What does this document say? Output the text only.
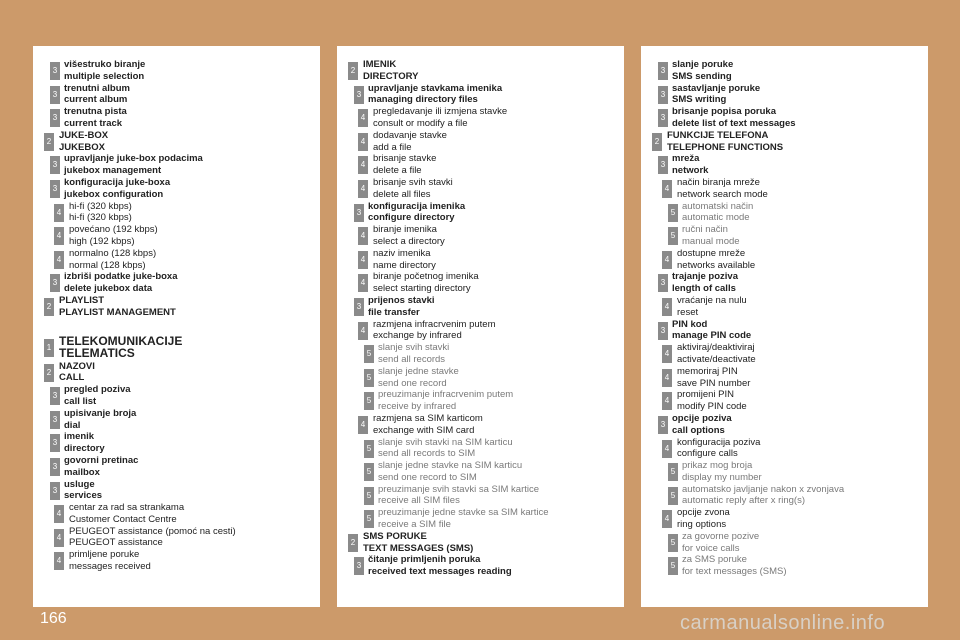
3
višestruko biranje
multiple selection
3
trenutni album
current album
3
trenutna pista
current track
2
JUKE-BOX
JUKEBOX
3
upravljanje juke-box podacima
jukebox management
3
konfiguracija juke-boxa
jukebox configuration
4
hi-fi (320 kbps)
hi-fi (320 kbps)
4
povećano (192 kbps)
high (192 kbps)
4
normalno (128 kbps)
normal (128 kbps)
3
izbriši podatke juke-boxa
delete jukebox data
2
PLAYLIST
PLAYLIST MANAGEMENT
1 TELEKOMUNIKACIJE
TELEMATICS
2
NAZOVI
CALL
3
pregled poziva
call list
3
upisivanje broja
dial
3
imenik
directory
3
govorni pretinac
mailbox
3
usluge
services
4
centar za rad sa strankama
Customer Contact Centre
4
PEUGEOT assistance (pomoć na cesti)
PEUGEOT assistance
4
primljene poruke
messages received
2
IMENIK
DIRECTORY
3
upravljanje stavkama imenika
managing directory files
4
pregledavanje ili izmjena stavke
consult or modify a file
4
dodavanje stavke
add a file
4
brisanje stavke
delete a file
4
brisanje svih stavki
delete all files
3
konfiguracija imenika
configure directory
4
biranje imenika
select a directory
4
naziv imenika
name directory
4
biranje početnog imenika
select starting directory
3
prijenos stavki
file transfer
4
razmjena infracrvenim putem
exchange by infrared
5
slanje svih stavki
send all records
5
slanje jedne stavke
send one record
5
preuzimanje infracrvenim putem
receive by infrared
4
razmjena sa SIM karticom
exchange with SIM card
5
slanje svih stavki na SIM karticu
send all records to SIM
5
slanje jedne stavke na SIM karticu
send one record to SIM
5
preuzimanje svih stavki sa SIM kartice
receive all SIM files
5
preuzimanje jedne stavke sa SIM kartice
receive a SIM file
2
SMS PORUKE
TEXT MESSAGES (SMS)
3
čitanje primljenih poruka
received text messages reading
3
slanje poruke
SMS sending
3
sastavljanje poruke
SMS writing
3
brisanje popisa poruka
delete list of text messages
2
FUNKCIJE TELEFONA
TELEPHONE FUNCTIONS
3
mreža
network
4
način biranja mreže
network search mode
5
automatski način
automatic mode
5
ručni način
manual mode
4
dostupne mreže
networks available
3
trajanje poziva
length of calls
4
vraćanje na nulu
reset
3
PIN kod
manage PIN code
4
aktiviraj/deaktiviraj
activate/deactivate
4
memoriraj PIN
save PIN number
4
promijeni PIN
modify PIN code
3
opcije poziva
call options
4
konfiguracija poziva
configure calls
5
prikaz mog broja
display my number
5
automatsko javljanje nakon x zvonjava
automatic reply after x ring(s)
4
opcije zvona
ring options
5
za govorne pozive
for voice calls
5
za SMS poruke
for text messages (SMS)
166	carmanualsonline.info
